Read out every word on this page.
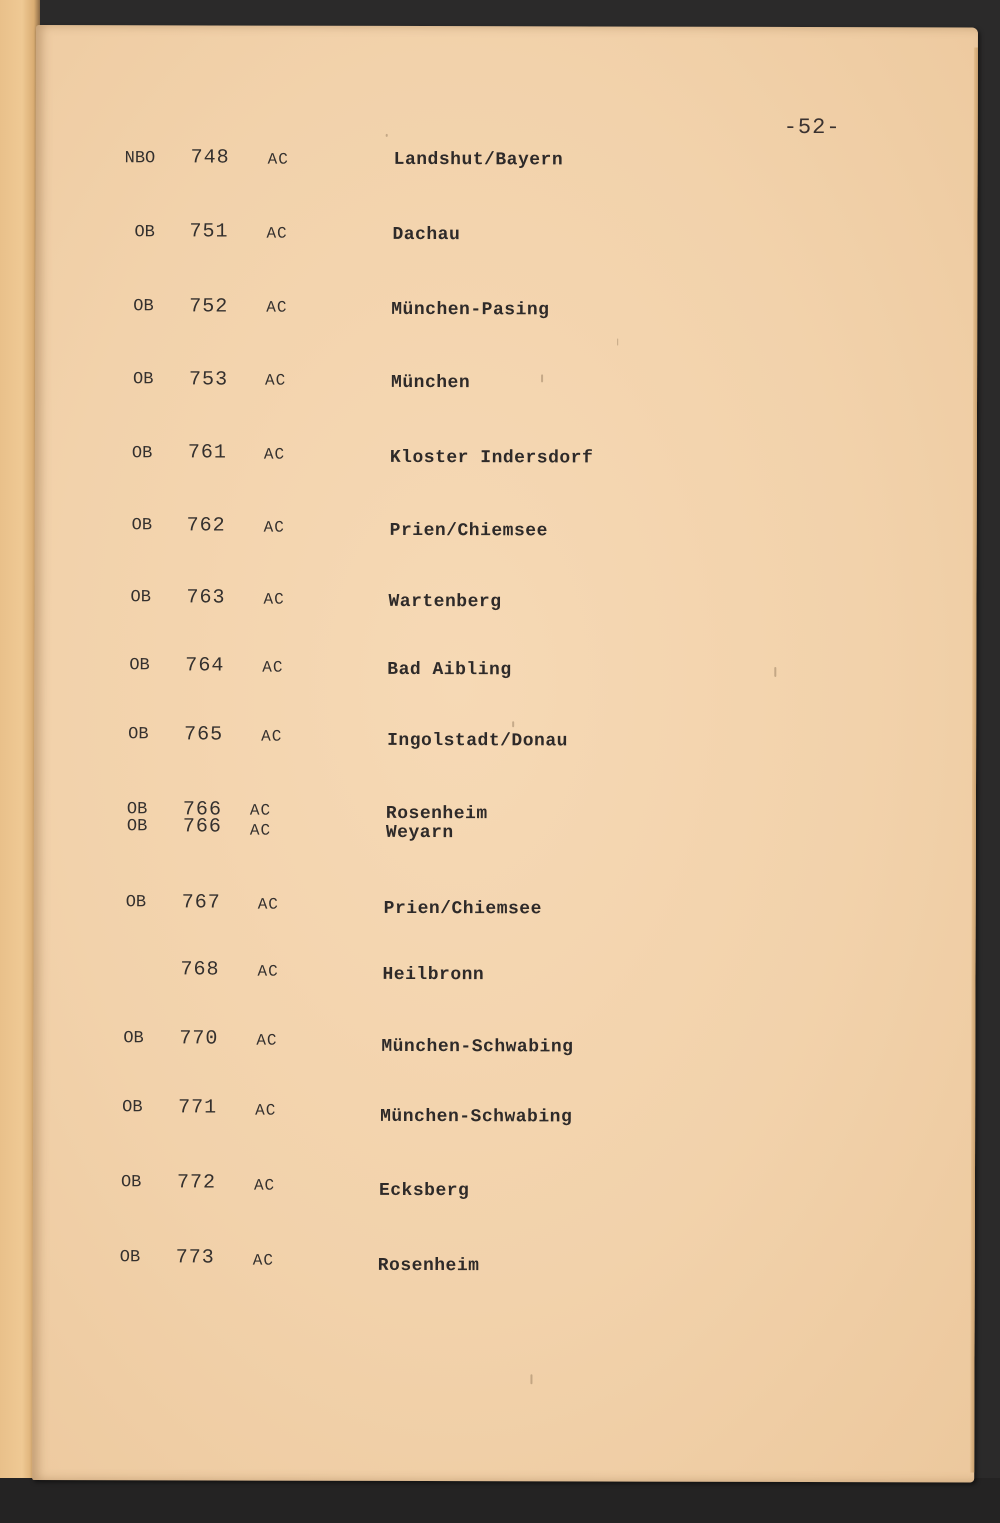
-52-
NBO 748 AC	Landshut/Bayern
OB 751 AC	Dachau
OB 752 AC	München-Pasing
OB 753 AC	München
OB 761 AC	Kloster Indersdorf
OB 762 AC	Prien/Chiemsee
OB 763 AC	Wartenberg
OB 764 AC	Bad Aibling
OB 765 AC	Ingolstadt/Donau
OB 766 AC	Rosenheim
OB 766 AC	Weyarn
OB 767 AC	Prien/Chiemsee
768 AC	Heilbronn
OB 770 AC	München-Schwabing
OB 771 AC	München-Schwabing
OB 772 AC	Ecksberg
OB 773 AC	Rosenheim
